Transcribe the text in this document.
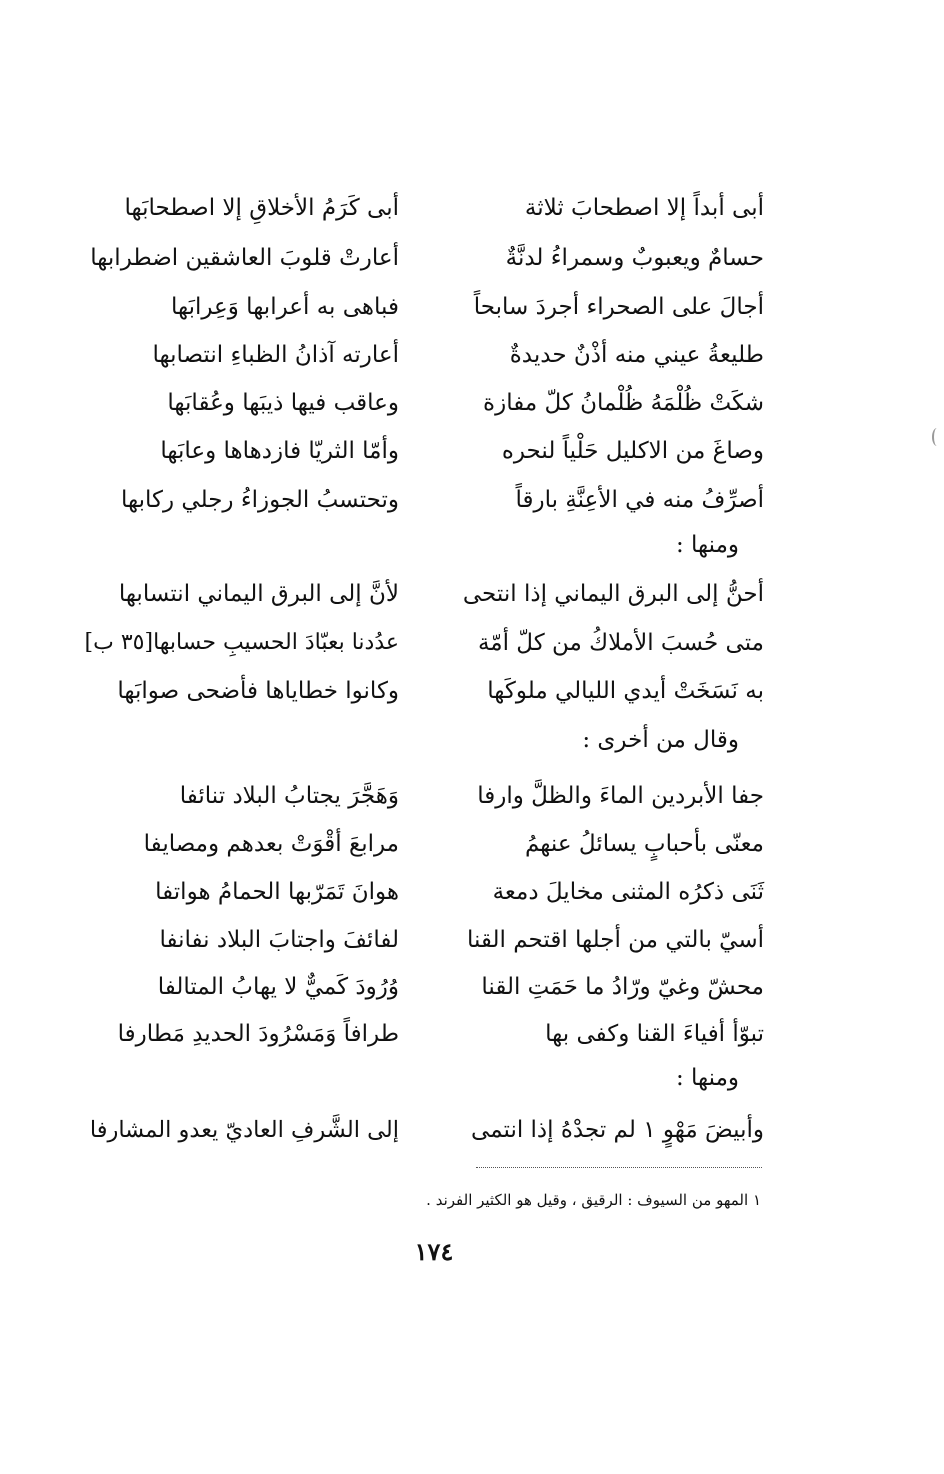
أبى أبداً إلا اصطحابَ ثلاثة
أبى كَرَمُ الأخلاقِ إلا اصطحابَها
حسامٌ ويعبوبٌ وسمراءُ لدنَّةٌ
أعارتْ قلوبَ العاشقين اضطرابها
أجالَ على الصحراء أجردَ سابحاً
فباهى به أعرابها وَعِرابَها
طليعةُ عيني منه أذْنٌ حديدةٌ
أعارته آذانُ الظباءِ انتصابها
شكَتْ ظُلْمَهُ ظُلْمانُ كلّ مفازة
وعاقب فيها ذيبَها وعُقابَها
وصاغَ من الاكليل حَلْياً لنحره
وأمّا الثريّا فازدهاها وعابَها
أصرِّفُ منه في الأعِنَّةِ بارقاً
وتحتسبُ الجوزاءُ رجلي ركابها
ومنها :
أحنُّ إلى البرق اليماني إذا انتحى
لأنَّ إلى البرق اليماني انتسابها
متى حُسبَ الأملاكُ من كلّ أمّة
عدُدنا بعبّادَ الحسيبِ حسابها[٣٥ ب]
به نَسَخَتْ أيدي الليالي ملوكَها
وكانوا خطاياها فأضحى صوابَها
وقال من أخرى :
جفا الأبردين الماءَ والظلَّ وارفا
وَهَجَّرَ يجتابُ البلاد تنائفا
معنّى بأحبابٍ يسائلُ عنهمُ
مرابعَ أقْوَتْ بعدهم ومصايفا
ثَنَى ذكرُه المثنى مخايلَ دمعة
هوانَ تَمَرّبها الحمامُ هواتفا
أسيّ بالتي من أجلها اقتحم القنا
لفائفَ واجتابَ البلاد نفانفا
محشّ وغيّ ورّادُ ما حَمَتِ القنا
وُرُودَ كَميٌّ لا يهابُ المتالفا
تبوّأ أفياءَ القنا وكفى بها
طرافاً وَمَسْرُودَ الحديدِ مَطارفا
ومنها :
وأبيضَ مَهْوٍ ١ لم تجدْهُ إذا انتمى
إلى الشَّرفِ العاديّ يعدو المشارفا
١ المهو من السيوف : الرقيق ، وقيل هو الكثير الفرند .
١٧٤
